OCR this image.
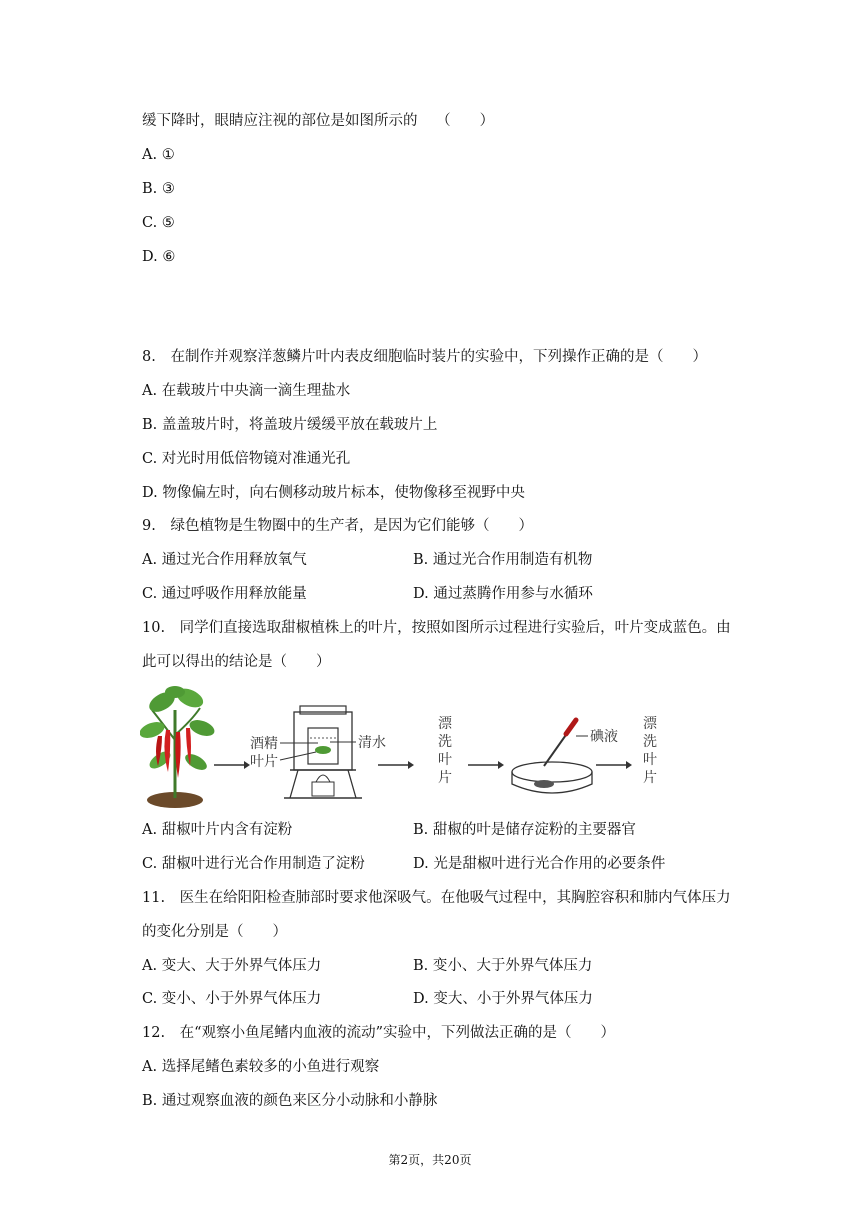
缓下降时，眼睛应注视的部位是如图所示的 （　　）
A. ①
B. ③
C. ⑤
D. ⑥
8. 在制作并观察洋葱鳞片叶内表皮细胞临时装片的实验中，下列操作正确的是（　　）
A. 在载玻片中央滴一滴生理盐水
B. 盖盖玻片时，将盖玻片缓缓平放在载玻片上
C. 对光时用低倍物镜对准通光孔
D. 物像偏左时，向右侧移动玻片标本，使物像移至视野中央
9. 绿色植物是生物圈中的生产者，是因为它们能够（　　）
A. 通过光合作用释放氧气	B. 通过光合作用制造有机物
C. 通过呼吸作用释放能量	D. 通过蒸腾作用参与水循环
10. 同学们直接选取甜椒植株上的叶片，按照如图所示过程进行实验后，叶片变成蓝色。由
此可以得出的结论是（　　）
酒精
叶片
清水
漂
洗
叶
片
碘液
漂
洗
叶
片
A. 甜椒叶片内含有淀粉	B. 甜椒的叶是储存淀粉的主要器官
C. 甜椒叶进行光合作用制造了淀粉	D. 光是甜椒叶进行光合作用的必要条件
11. 医生在给阳阳检查肺部时要求他深吸气。在他吸气过程中，其胸腔容积和肺内气体压力
的变化分别是（　　）
A. 变大、大于外界气体压力	B. 变小、大于外界气体压力
C. 变小、小于外界气体压力	D. 变大、小于外界气体压力
12. 在“观察小鱼尾鳍内血液的流动”实验中，下列做法正确的是（　　）
A. 选择尾鳍色素较多的小鱼进行观察
B. 通过观察血液的颜色来区分小动脉和小静脉
第2页，共20页
